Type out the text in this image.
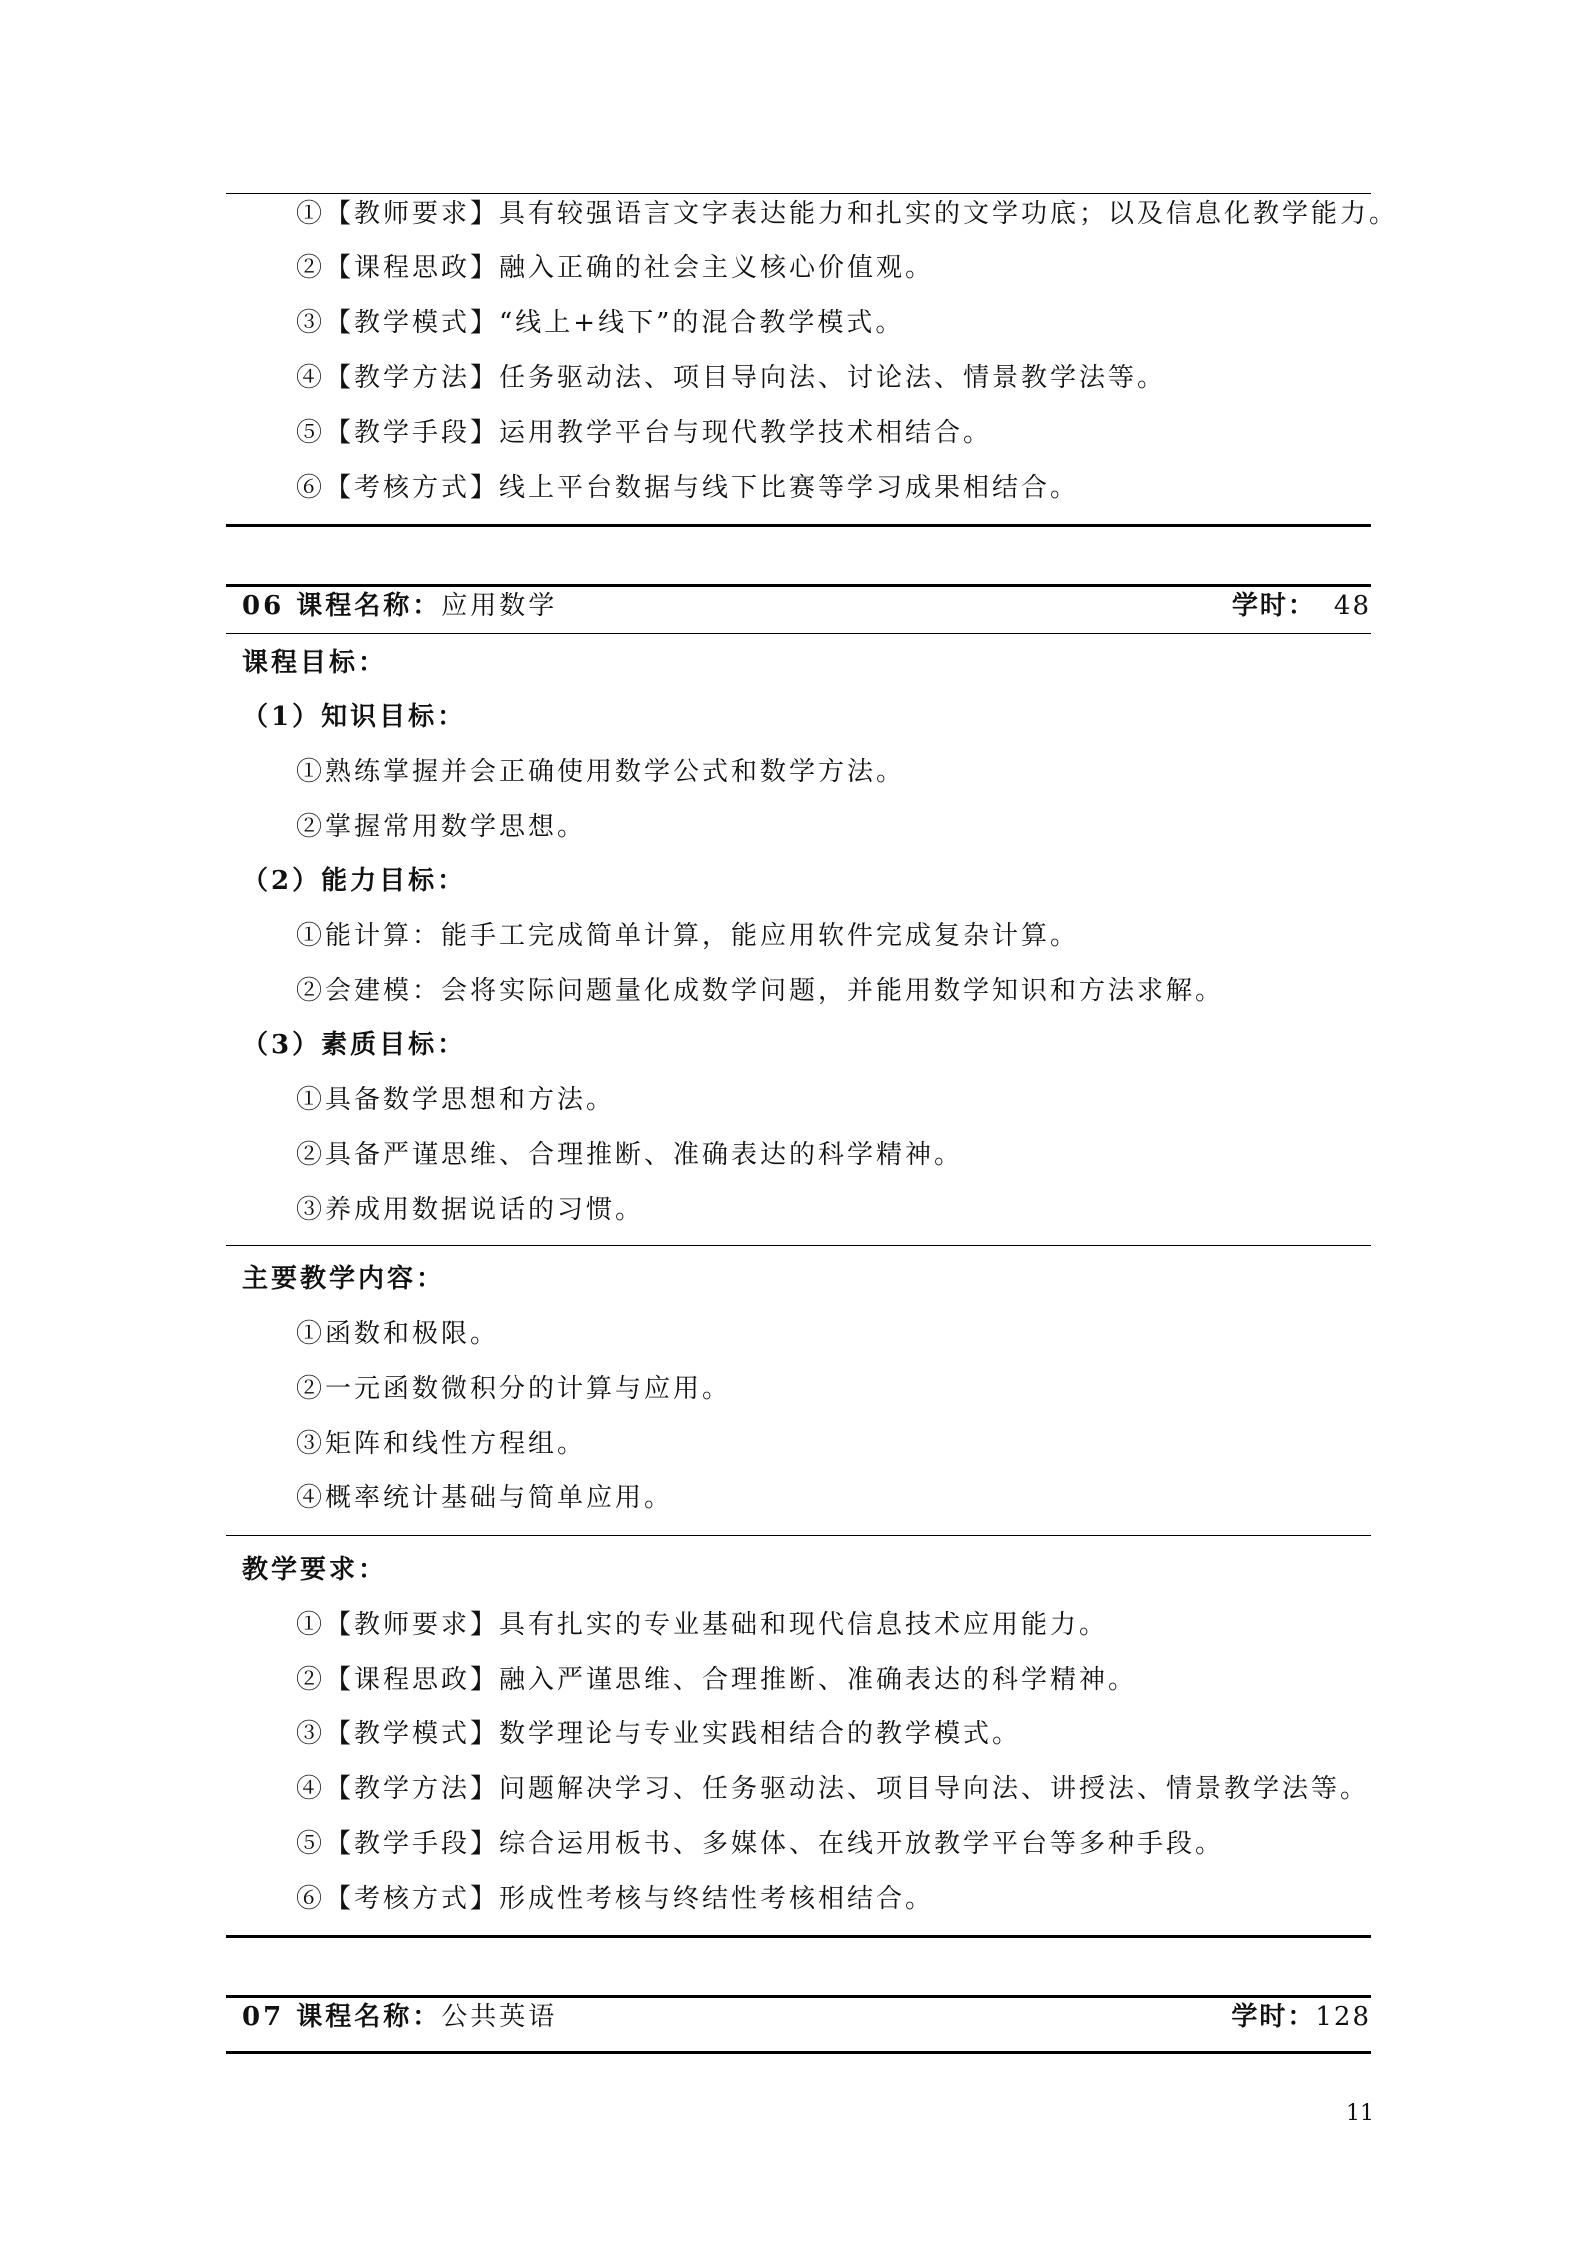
①【教师要求】具有较强语言文字表达能力和扎实的文学功底；以及信息化教学能力。
②【课程思政】融入正确的社会主义核心价值观。
③【教学模式】“线上+线下”的混合教学模式。
④【教学方法】任务驱动法、项目导向法、讨论法、情景教学法等。
⑤【教学手段】运用教学平台与现代教学技术相结合。
⑥【考核方式】线上平台数据与线下比赛等学习成果相结合。
06 课程名称：应用数学	学时： 48
课程目标：
（1）知识目标：
①熟练掌握并会正确使用数学公式和数学方法。
②掌握常用数学思想。
（2）能力目标：
①能计算：能手工完成简单计算，能应用软件完成复杂计算。
②会建模：会将实际问题量化成数学问题，并能用数学知识和方法求解。
（3）素质目标：
①具备数学思想和方法。
②具备严谨思维、合理推断、准确表达的科学精神。
③养成用数据说话的习惯。
主要教学内容：
①函数和极限。
②一元函数微积分的计算与应用。
③矩阵和线性方程组。
④概率统计基础与简单应用。
教学要求：
①【教师要求】具有扎实的专业基础和现代信息技术应用能力。
②【课程思政】融入严谨思维、合理推断、准确表达的科学精神。
③【教学模式】数学理论与专业实践相结合的教学模式。
④【教学方法】问题解决学习、任务驱动法、项目导向法、讲授法、情景教学法等。
⑤【教学手段】综合运用板书、多媒体、在线开放教学平台等多种手段。
⑥【考核方式】形成性考核与终结性考核相结合。
07 课程名称：公共英语	学时：128
11
